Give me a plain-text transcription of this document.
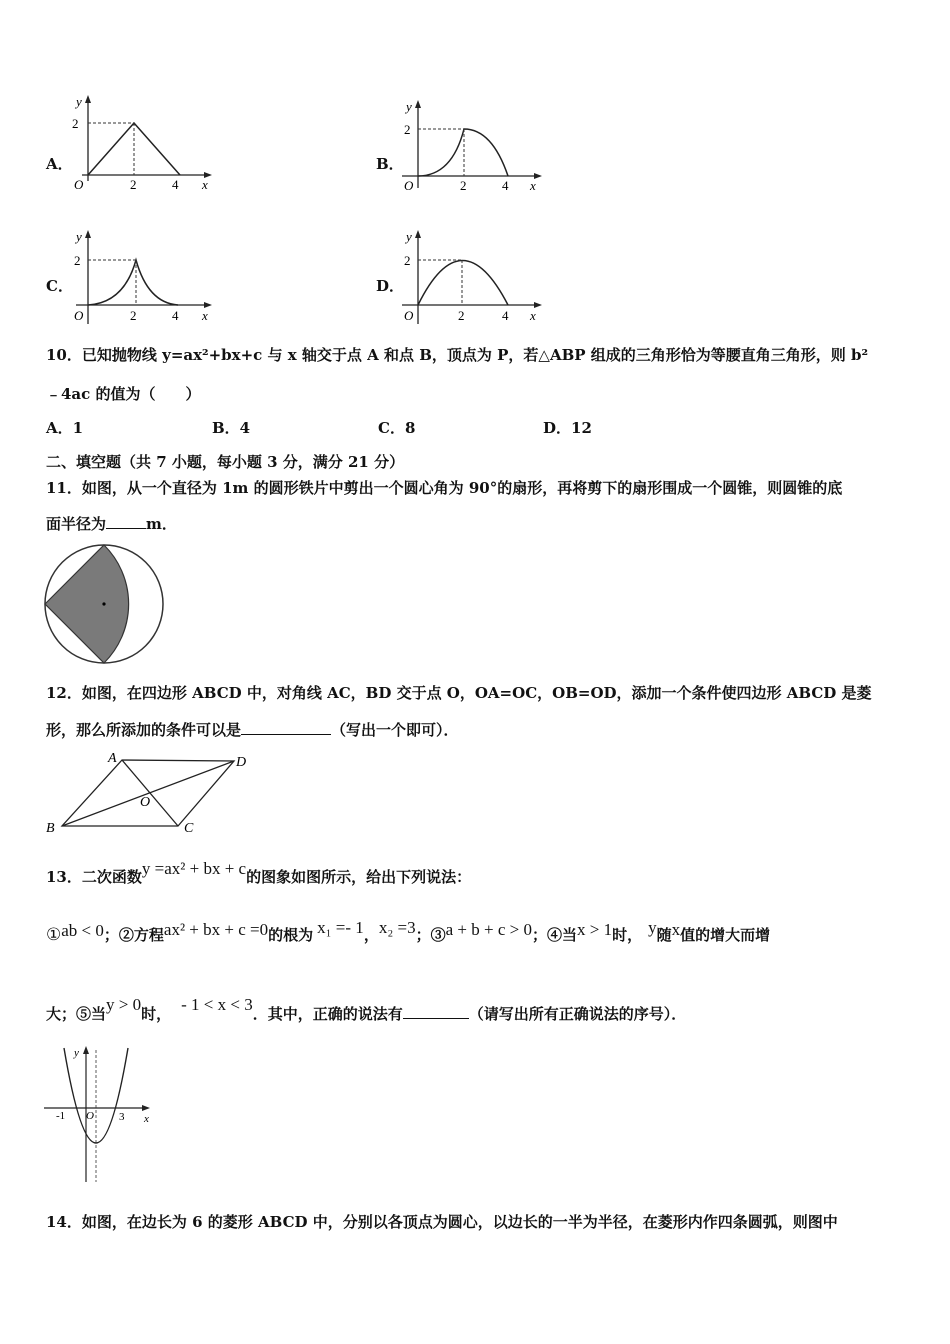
A．
y
2
O	2	4 x
B．
y
2
O	2	4 x
C．
y
2
O	2	4 x
D．
y
2
O	2	4 x
10．已知抛物线 y=ax²+bx+c 与 x 轴交于点 A 和点 B，顶点为 P，若△ABP 组成的三角形恰为等腰直角三角形，则 b²
﹣4ac 的值为（　　）
A．1	B．4	C．8	D．12
二、填空题（共 7 小题，每小题 3 分，满分 21 分）
11．如图，从一个直径为 1m 的圆形铁片中剪出一个圆心角为 90°的扇形，再将剪下的扇形围成一个圆锥，则圆锥的底
面半径为	m．
12．如图，在四边形 ABCD 中，对角线 AC，BD 交于点 O，OA=OC，OB=OD，添加一个条件使四边形 ABCD 是菱
形，那么所添加的条件可以是	（写出一个即可）．
A	D
B	C
O
13．二次函数y =ax² + bx + c的图象如图所示，给出下列说法：
①ab < 0；②方程ax² + bx + c =0的根为 x₁ =- 1，x₂ =3；③a + b + c > 0；④当x > 1时， y随x值的增大而增
大；⑤当y > 0时， - 1 < x < 3．其中，正确的说法有	（请写出所有正确说法的序号）．
y
x
O
-1	3
14．如图，在边长为 6 的菱形 ABCD 中，分别以各顶点为圆心，以边长的一半为半径，在菱形内作四条圆弧，则图中
